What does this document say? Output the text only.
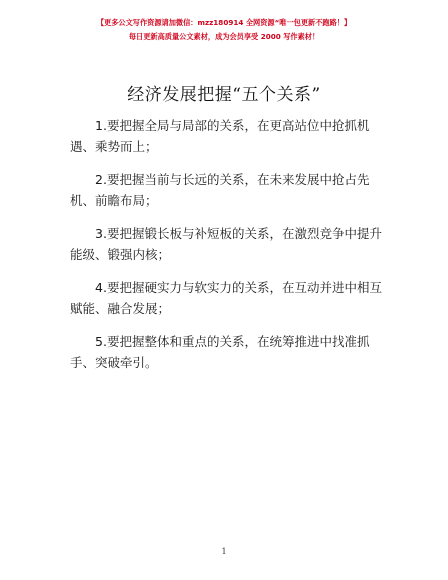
【更多公文写作资源请加微信：mzz180914 全网资源“唯一包更新不跑路！】
每日更新高质量公文素材，成为会员享受 2000 写作素材！
经济发展把握“五个关系”

1.要把握全局与局部的关系，在更高站位中抢抓机遇、乘势而上；

2.要把握当前与长远的关系，在未来发展中抢占先机、前瞻布局；

3.要把握锻长板与补短板的关系，在激烈竞争中提升能级、锻强内核；

4.要把握硬实力与软实力的关系，在互动并进中相互赋能、融合发展；

5.要把握整体和重点的关系，在统筹推进中找准抓手、突破牵引。

1
